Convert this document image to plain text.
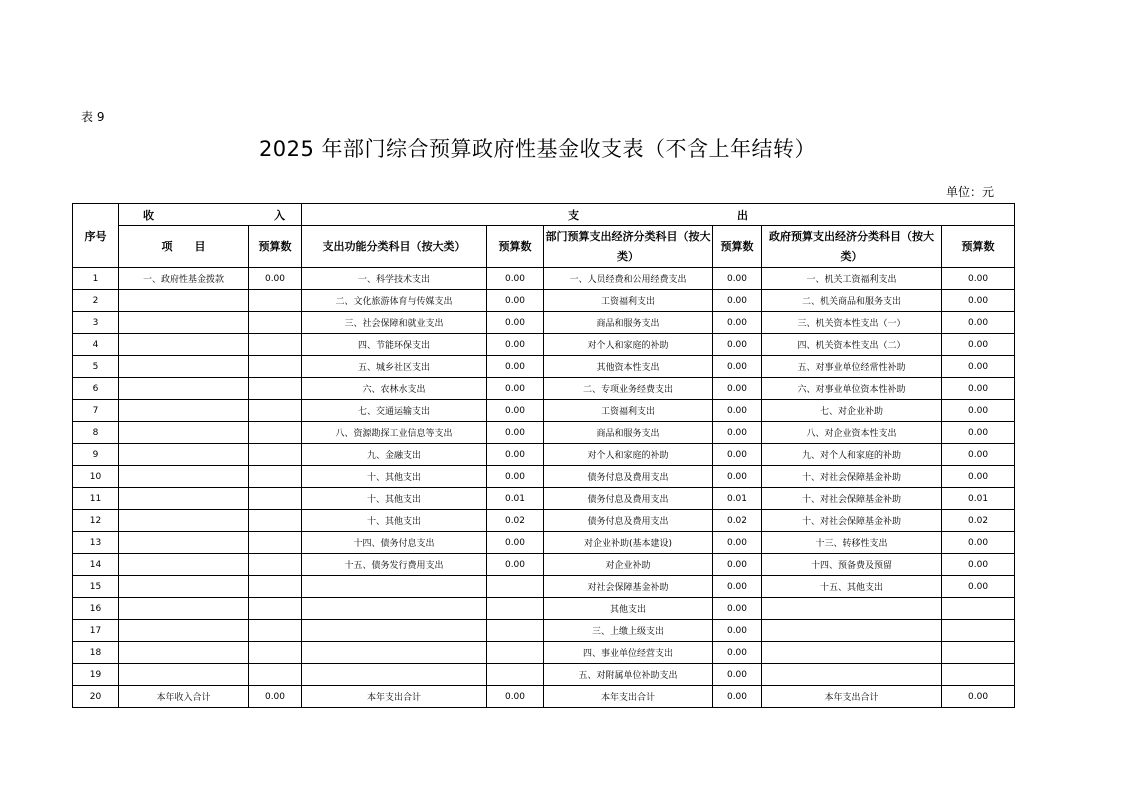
表 9
2025 年部门综合预算政府性基金收支表（不含上年结转）
单位：元
序号	收 入		支 出					

	项　　目	预算数	支出功能分类科目（按大类）	预算数	部门预算支出经济分类科目（按大类）	预算数	政府预算支出经济分类科目（按大类）	预算数
1	一、政府性基金拨款	0.00	一、科学技术支出	0.00	一、人员经费和公用经费支出	0.00	一、机关工资福利支出	0.00
2			二、文化旅游体育与传媒支出	0.00	工资福利支出	0.00	二、机关商品和服务支出	0.00
3			三、社会保障和就业支出	0.00	商品和服务支出	0.00	三、机关资本性支出（一）	0.00
4			四、节能环保支出	0.00	对个人和家庭的补助	0.00	四、机关资本性支出（二）	0.00
5			五、城乡社区支出	0.00	其他资本性支出	0.00	五、对事业单位经常性补助	0.00
6			六、农林水支出	0.00	二、专项业务经费支出	0.00	六、对事业单位资本性补助	0.00
7			七、交通运输支出	0.00	工资福利支出	0.00	七、对企业补助	0.00
8			八、资源勘探工业信息等支出	0.00	商品和服务支出	0.00	八、对企业资本性支出	0.00
9			九、金融支出	0.00	对个人和家庭的补助	0.00	九、对个人和家庭的补助	0.00
10			十、其他支出	0.00	债务付息及费用支出	0.00	十、对社会保障基金补助	0.00
11			十、其他支出	0.01	债务付息及费用支出	0.01	十、对社会保障基金补助	0.01
12			十、其他支出	0.02	债务付息及费用支出	0.02	十、对社会保障基金补助	0.02
13			十四、债务付息支出	0.00	对企业补助(基本建设)	0.00	十三、转移性支出	0.00
14			十五、债务发行费用支出	0.00	对企业补助	0.00	十四、预备费及预留	0.00
15					对社会保障基金补助	0.00	十五、其他支出	0.00
16					其他支出	0.00		
17					三、上缴上级支出	0.00		
18					四、事业单位经营支出	0.00		
19					五、对附属单位补助支出	0.00		
20	本年收入合计	0.00	本年支出合计	0.00	本年支出合计	0.00	本年支出合计	0.00
